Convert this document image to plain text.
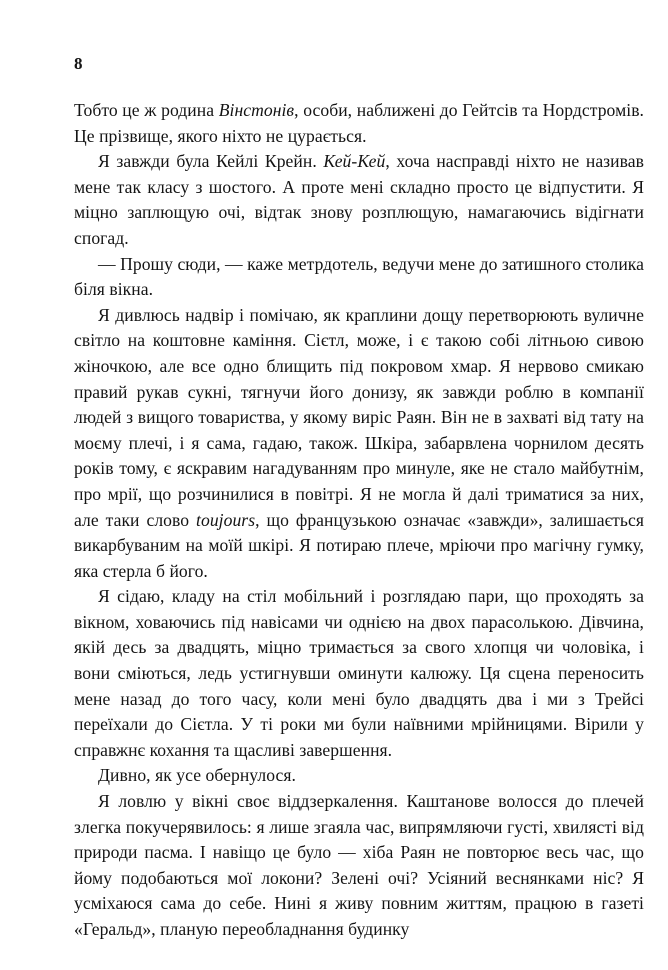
8

Тобто це ж родина Вінстонів, особи, наближені до Гейтсів та Нордстромів. Це прізвище, якого ніхто не цурається.

Я завжди була Кейлі Крейн. Кей-Кей, хоча насправді ніхто не називав мене так класу з шостого. А проте мені складно просто це відпустити. Я міцно заплющую очі, відтак знову розплющую, намагаючись відігнати спогад.

— Прошу сюди, — каже метрдотель, ведучи мене до затишного столика біля вікна.

Я дивлюсь надвір і помічаю, як краплини дощу перетворюють вуличне світло на коштовне каміння. Сієтл, може, і є такою собі літньою сивою жіночкою, але все одно блищить під покровом хмар. Я нервово смикаю правий рукав сукні, тягнучи його донизу, як завжди роблю в компанії людей з вищого товариства, у якому виріс Раян. Він не в захваті від тату на моєму плечі, і я сама, гадаю, також. Шкіра, забарвлена чорнилом десять років тому, є яскравим нагадуванням про минуле, яке не стало майбутнім, про мрії, що розчинилися в повітрі. Я не могла й далі триматися за них, але таки слово toujours, що французькою означає «завжди», залишається викарбуваним на моїй шкірі. Я потираю плече, мріючи про магічну гумку, яка стерла б його.

Я сідаю, кладу на стіл мобільний і розглядаю пари, що проходять за вікном, ховаючись під навісами чи однією на двох парасолькою. Дівчина, якій десь за двадцять, міцно тримається за свого хлопця чи чоловіка, і вони сміються, ледь устигнувши оминути калюжу. Ця сцена переносить мене назад до того часу, коли мені було двадцять два і ми з Трейсі переїхали до Сієтла. У ті роки ми були наївними мрійницями. Вірили у справжнє кохання та щасливі завершення.

Дивно, як усе обернулося.

Я ловлю у вікні своє віддзеркалення. Каштанове волосся до плечей злегка покучерявилось: я лише згаяла час, випрямляючи густі, хвилясті від природи пасма. І навіщо це було — хіба Раян не повторює весь час, що йому подобаються мої локони? Зелені очі? Усіяний веснянками ніс? Я усміхаюся сама до себе. Нині я живу повним життям, працюю в газеті «Геральд», планую переобладнання будинку
